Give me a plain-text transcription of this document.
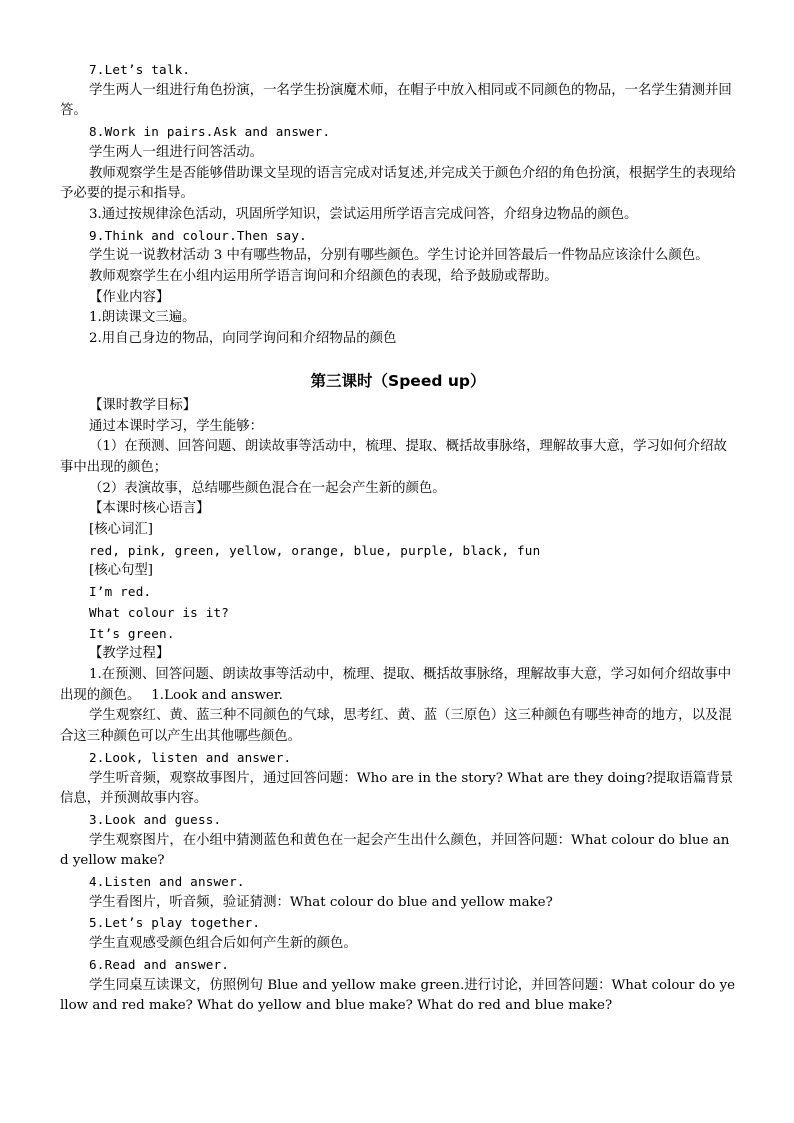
7.Let’s talk.

学生两人一组进行角色扮演，一名学生扮演魔术师，在帽子中放入相同或不同颜色的物品，一名学生猜测并回答。

8.Work in pairs.Ask and answer.

学生两人一组进行问答活动。

教师观察学生是否能够借助课文呈现的语言完成对话复述,并完成关于颜色介绍的角色扮演，根据学生的表现给予必要的提示和指导。

3.通过按规律涂色活动，巩固所学知识，尝试运用所学语言完成问答，介绍身边物品的颜色。

9.Think and colour.Then say.

学生说一说教材活动 3 中有哪些物品，分别有哪些颜色。学生讨论并回答最后一件物品应该涂什么颜色。

教师观察学生在小组内运用所学语言询问和介绍颜色的表现，给予鼓励或帮助。

【作业内容】

1.朗读课文三遍。

2.用自己身边的物品，向同学询问和介绍物品的颜色

第三课时（Speed up）

【课时教学目标】

通过本课时学习，学生能够：

（1）在预测、回答问题、朗读故事等活动中，梳理、提取、概括故事脉络，理解故事大意，学习如何介绍故事中出现的颜色；

（2）表演故事，总结哪些颜色混合在一起会产生新的颜色。

【本课时核心语言】

[核心词汇]

red, pink, green, yellow, orange, blue, purple, black, fun

[核心句型]

I’m red.

What colour is it?

It’s green.

【教学过程】

1.在预测、回答问题、朗读故事等活动中，梳理、提取、概括故事脉络，理解故事大意，学习如何介绍故事中出现的颜色。　 1.Look and answer.

学生观察红、黄、蓝三种不同颜色的气球，思考红、黄、蓝（三原色）这三种颜色有哪些神奇的地方，以及混合这三种颜色可以产生出其他哪些颜色。

2.Look, listen and answer.

学生听音频，观察故事图片，通过回答问题：Who are in the story? What are they doing?提取语篇背景信息，并预测故事内容。

3.Look and guess.

学生观察图片，在小组中猜测蓝色和黄色在一起会产生出什么颜色，并回答问题：What colour do blue and yellow make?

4.Listen and answer.

学生看图片，听音频，验证猜测：What colour do blue and yellow make?

5.Let’s play together.

学生直观感受颜色组合后如何产生新的颜色。

6.Read and answer.

学生同桌互读课文，仿照例句 Blue and yellow make green.进行讨论，并回答问题：What colour do yellow and red make? What do yellow and blue make? What do red and blue make?
